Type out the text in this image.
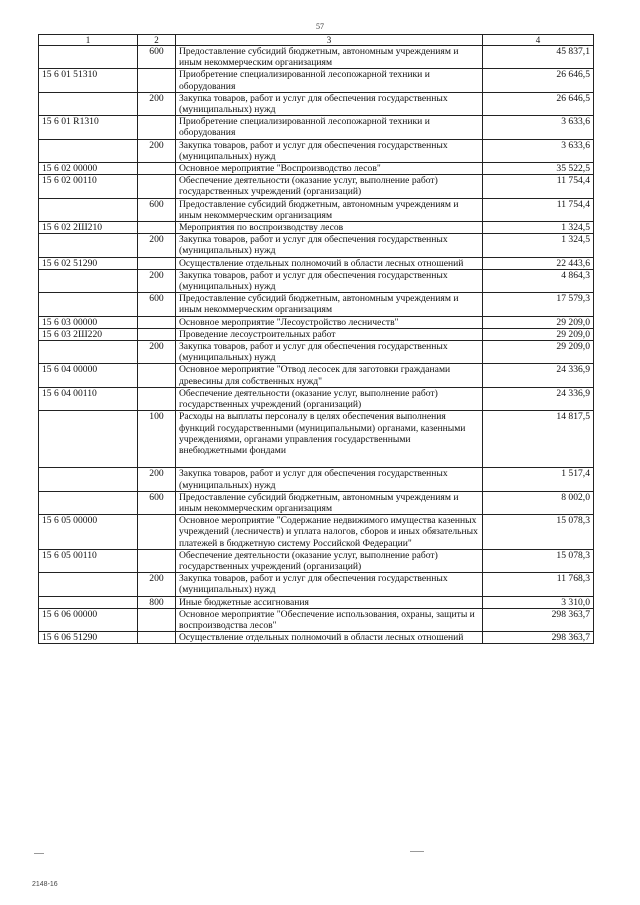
57
1	2	3	4
	600	Предоставление субсидий бюджетным, автономным учреждениям и иным некоммерческим организациям	45 837,1
15 6 01 51310		Приобретение специализированной лесопожарной техники и оборудования	26 646,5
	200	Закупка товаров, работ и услуг для обеспечения государственных (муниципальных) нужд	26 646,5
15 6 01 R1310		Приобретение специализированной лесопожарной техники и оборудования	3 633,6
	200	Закупка товаров, работ и услуг для обеспечения государственных (муниципальных) нужд	3 633,6
15 6 02 00000		Основное мероприятие "Воспроизводство лесов"	35 522,5
15 6 02 00110		Обеспечение деятельности (оказание услуг, выполнение работ) государственных учреждений (организаций)	11 754,4
	600	Предоставление субсидий бюджетным, автономным учреждениям и иным некоммерческим организациям	11 754,4
15 6 02 2Ш210		Мероприятия по воспроизводству лесов	1 324,5
	200	Закупка товаров, работ и услуг для обеспечения государственных (муниципальных) нужд	1 324,5
15 6 02 51290		Осуществление отдельных полномочий в области лесных отношений	22 443,6
	200	Закупка товаров, работ и услуг для обеспечения государственных (муниципальных) нужд	4 864,3
	600	Предоставление субсидий бюджетным, автономным учреждениям и иным некоммерческим организациям	17 579,3
15 6 03 00000		Основное мероприятие "Лесоустройство лесничеств"	29 209,0
15 6 03 2Ш220		Проведение лесоустроительных работ	29 209,0
	200	Закупка товаров, работ и услуг для обеспечения государственных (муниципальных) нужд	29 209,0
15 6 04 00000		Основное мероприятие "Отвод лесосек для заготовки гражданами древесины для собственных нужд"	24 336,9
15 6 04 00110		Обеспечение деятельности (оказание услуг, выполнение работ) государственных учреждений (организаций)	24 336,9
	100	Расходы на выплаты персоналу в целях обеспечения выполнения функций государственными (муниципальными) органами, казенными учреждениями, органами управления государственными внебюджетными фондами	14 817,5
	200	Закупка товаров, работ и услуг для обеспечения государственных (муниципальных) нужд	1 517,4
	600	Предоставление субсидий бюджетным, автономным учреждениям и иным некоммерческим организациям	8 002,0
15 6 05 00000		Основное мероприятие "Содержание недвижимого имущества казенных учреждений (лесничеств) и уплата налогов, сборов и иных обязательных платежей в бюджетную систему Российской Федерации"	15 078,3
15 6 05 00110		Обеспечение деятельности (оказание услуг, выполнение работ) государственных учреждений (организаций)	15 078,3
	200	Закупка товаров, работ и услуг для обеспечения государственных (муниципальных) нужд	11 768,3
	800	Иные бюджетные ассигнования	3 310,0
15 6 06 00000		Основное мероприятие "Обеспечение использования, охраны, защиты и воспроизводства лесов"	298 363,7
15 6 06 51290		Осуществление отдельных полномочий в области лесных отношений	298 363,7
2148-16
